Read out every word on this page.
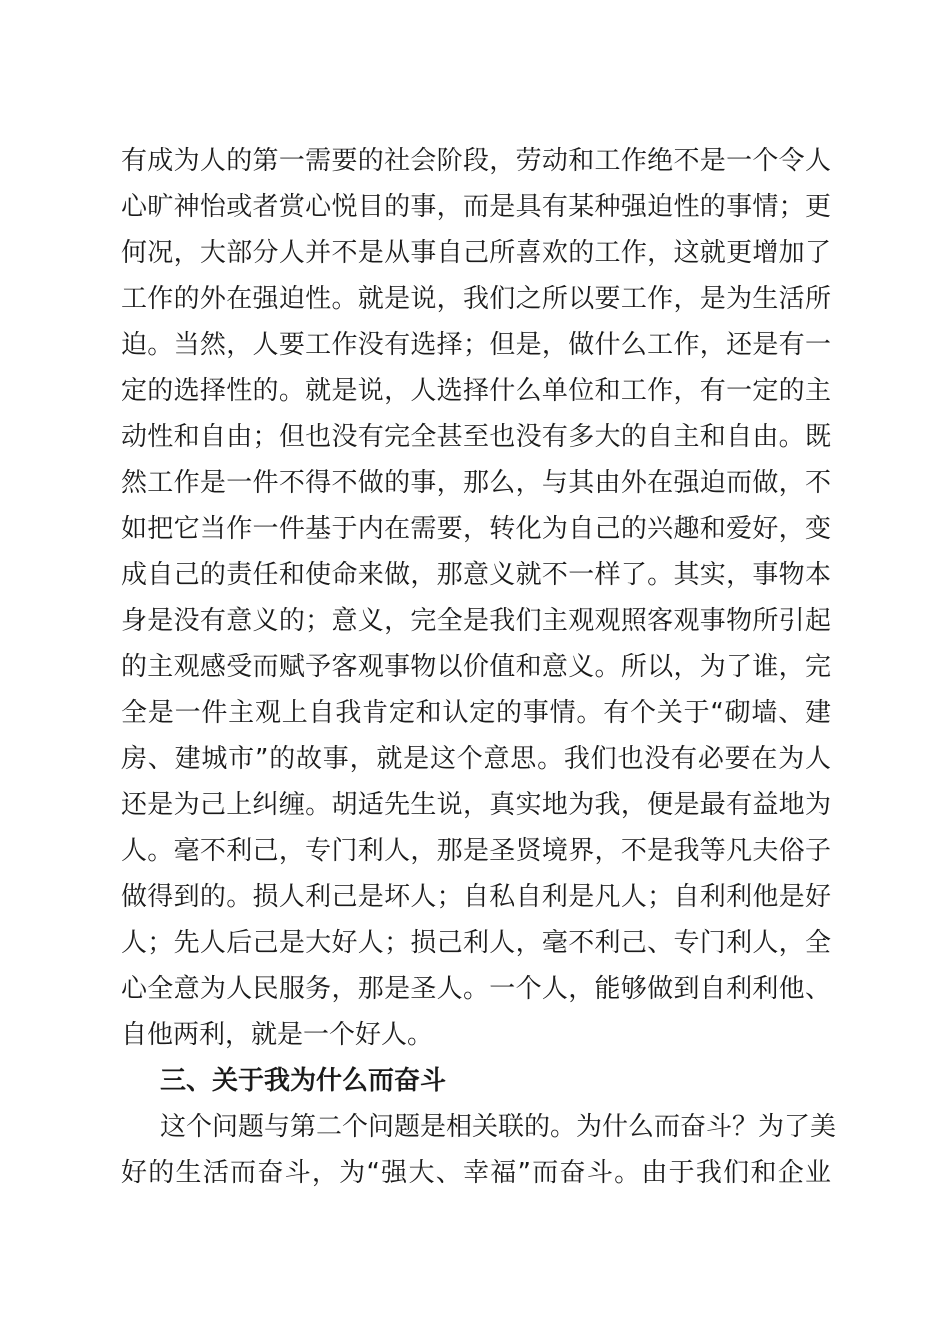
有成为人的第一需要的社会阶段，劳动和工作绝不是一个令人
心旷神怡或者赏心悦目的事，而是具有某种强迫性的事情；更
何况，大部分人并不是从事自己所喜欢的工作，这就更增加了
工作的外在强迫性。就是说，我们之所以要工作，是为生活所
迫。当然，人要工作没有选择；但是，做什么工作，还是有一
定的选择性的。就是说，人选择什么单位和工作，有一定的主
动性和自由；但也没有完全甚至也没有多大的自主和自由。既
然工作是一件不得不做的事，那么，与其由外在强迫而做，不
如把它当作一件基于内在需要，转化为自己的兴趣和爱好，变
成自己的责任和使命来做，那意义就不一样了。其实，事物本
身是没有意义的；意义，完全是我们主观观照客观事物所引起
的主观感受而赋予客观事物以价值和意义。所以，为了谁，完
全是一件主观上自我肯定和认定的事情。有个关于“砌墙、建
房、建城市”的故事，就是这个意思。我们也没有必要在为人
还是为己上纠缠。胡适先生说，真实地为我，便是最有益地为
人。毫不利己，专门利人，那是圣贤境界，不是我等凡夫俗子
做得到的。损人利己是坏人；自私自利是凡人；自利利他是好
人；先人后己是大好人；损己利人，毫不利己、专门利人，全
心全意为人民服务，那是圣人。一个人，能够做到自利利他、
自他两利，就是一个好人。
三、关于我为什么而奋斗
这个问题与第二个问题是相关联的。为什么而奋斗？为了美
好的生活而奋斗，为“强大、幸福”而奋斗。由于我们和企业
